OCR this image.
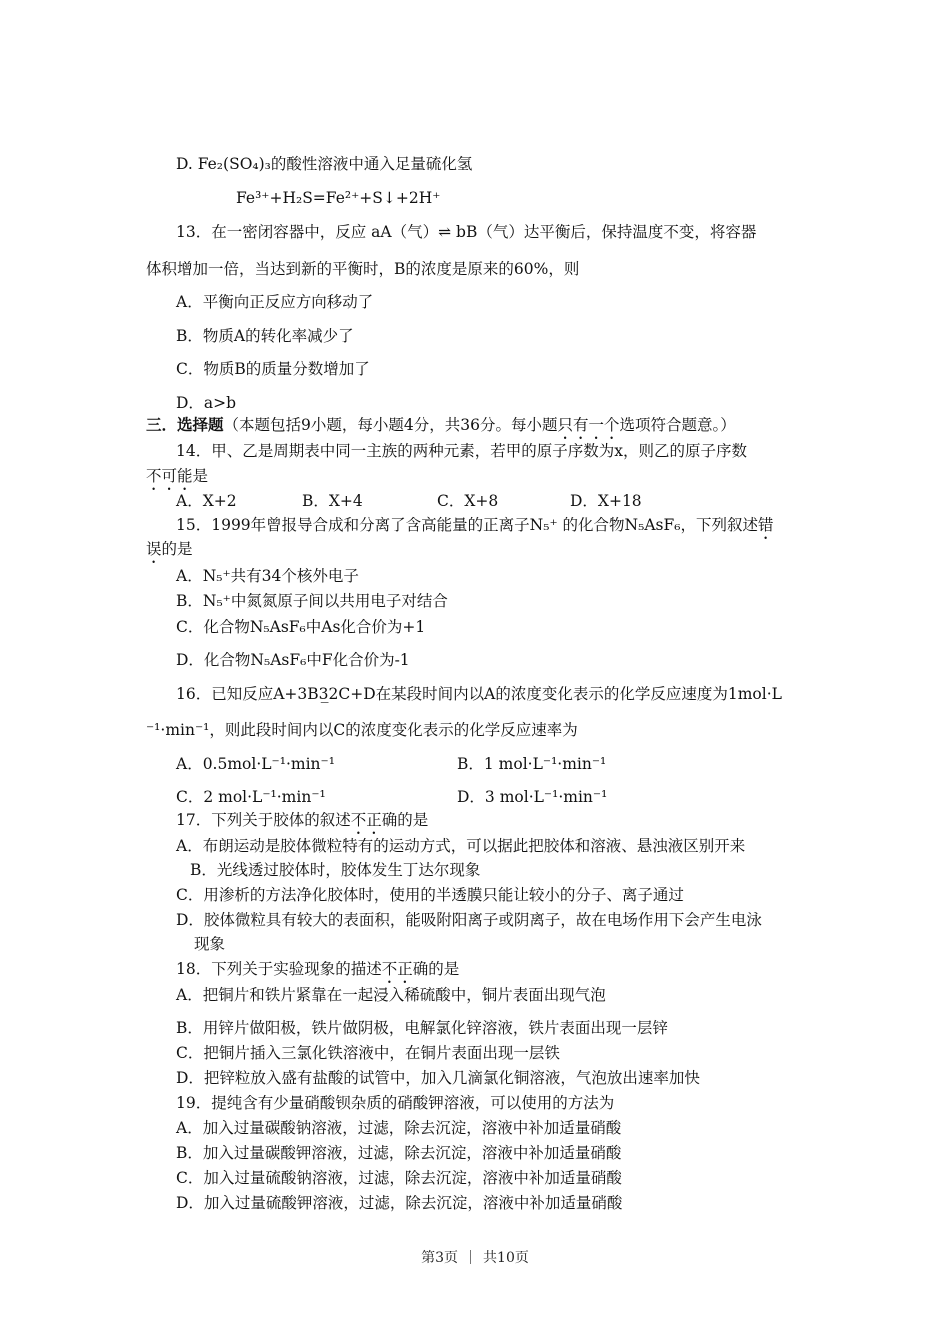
D. Fe₂(SO₄)₃的酸性溶液中通入足量硫化氢
Fe³⁺+H₂S=Fe²⁺+S↓+2H⁺
13．在一密闭容器中，反应 aA（气）⇌ bB（气）达平衡后，保持温度不变，将容器
体积增加一倍，当达到新的平衡时，B的浓度是原来的60%，则
A．平衡向正反应方向移动了
B．物质A的转化率减少了
C．物质B的质量分数增加了
D．a>b
三．选择题（本题包括9小题，每小题4分，共36分。每小题只有一个选项符合题意。）
14．甲、乙是周期表中同一主族的两种元素，若甲的原子序数为x，则乙的原子序数
不可能是
A．X+2	B．X+4	C．X+8	D．X+18
15．1999年曾报导合成和分离了含高能量的正离子N₅⁺ 的化合物N₅AsF₆，下列叙述错
误的是
A．N₅⁺共有34个核外电子
B．N₅⁺中氮氮原子间以共用电子对结合
C．化合物N₅AsF₆中As化合价为+1
D．化合物N₅AsF₆中F化合价为-1
16．已知反应A+3B3̲2C+D在某段时间内以A的浓度变化表示的化学反应速度为1mol·L
⁻¹·min⁻¹，则此段时间内以C的浓度变化表示的化学反应速率为
A．0.5mol·L⁻¹·min⁻¹	B．1 mol·L⁻¹·min⁻¹
C．2 mol·L⁻¹·min⁻¹	D．3 mol·L⁻¹·min⁻¹
17．下列关于胶体的叙述不正确的是
A．布朗运动是胶体微粒特有的运动方式，可以据此把胶体和溶液、悬浊液区别开来
B．光线透过胶体时，胶体发生丁达尔现象
C．用渗析的方法净化胶体时，使用的半透膜只能让较小的分子、离子通过
D．胶体微粒具有较大的表面积，能吸附阳离子或阴离子，故在电场作用下会产生电泳
现象
18．下列关于实验现象的描述不正确的是
A．把铜片和铁片紧靠在一起浸入稀硫酸中，铜片表面出现气泡
B．用锌片做阳极，铁片做阴极，电解氯化锌溶液，铁片表面出现一层锌
C．把铜片插入三氯化铁溶液中，在铜片表面出现一层铁
D．把锌粒放入盛有盐酸的试管中，加入几滴氯化铜溶液，气泡放出速率加快
19．提纯含有少量硝酸钡杂质的硝酸钾溶液，可以使用的方法为
A．加入过量碳酸钠溶液，过滤，除去沉淀，溶液中补加适量硝酸
B．加入过量碳酸钾溶液，过滤，除去沉淀，溶液中补加适量硝酸
C．加入过量硫酸钠溶液，过滤，除去沉淀，溶液中补加适量硝酸
D．加入过量硫酸钾溶液，过滤，除去沉淀，溶液中补加适量硝酸
第3页 共10页
